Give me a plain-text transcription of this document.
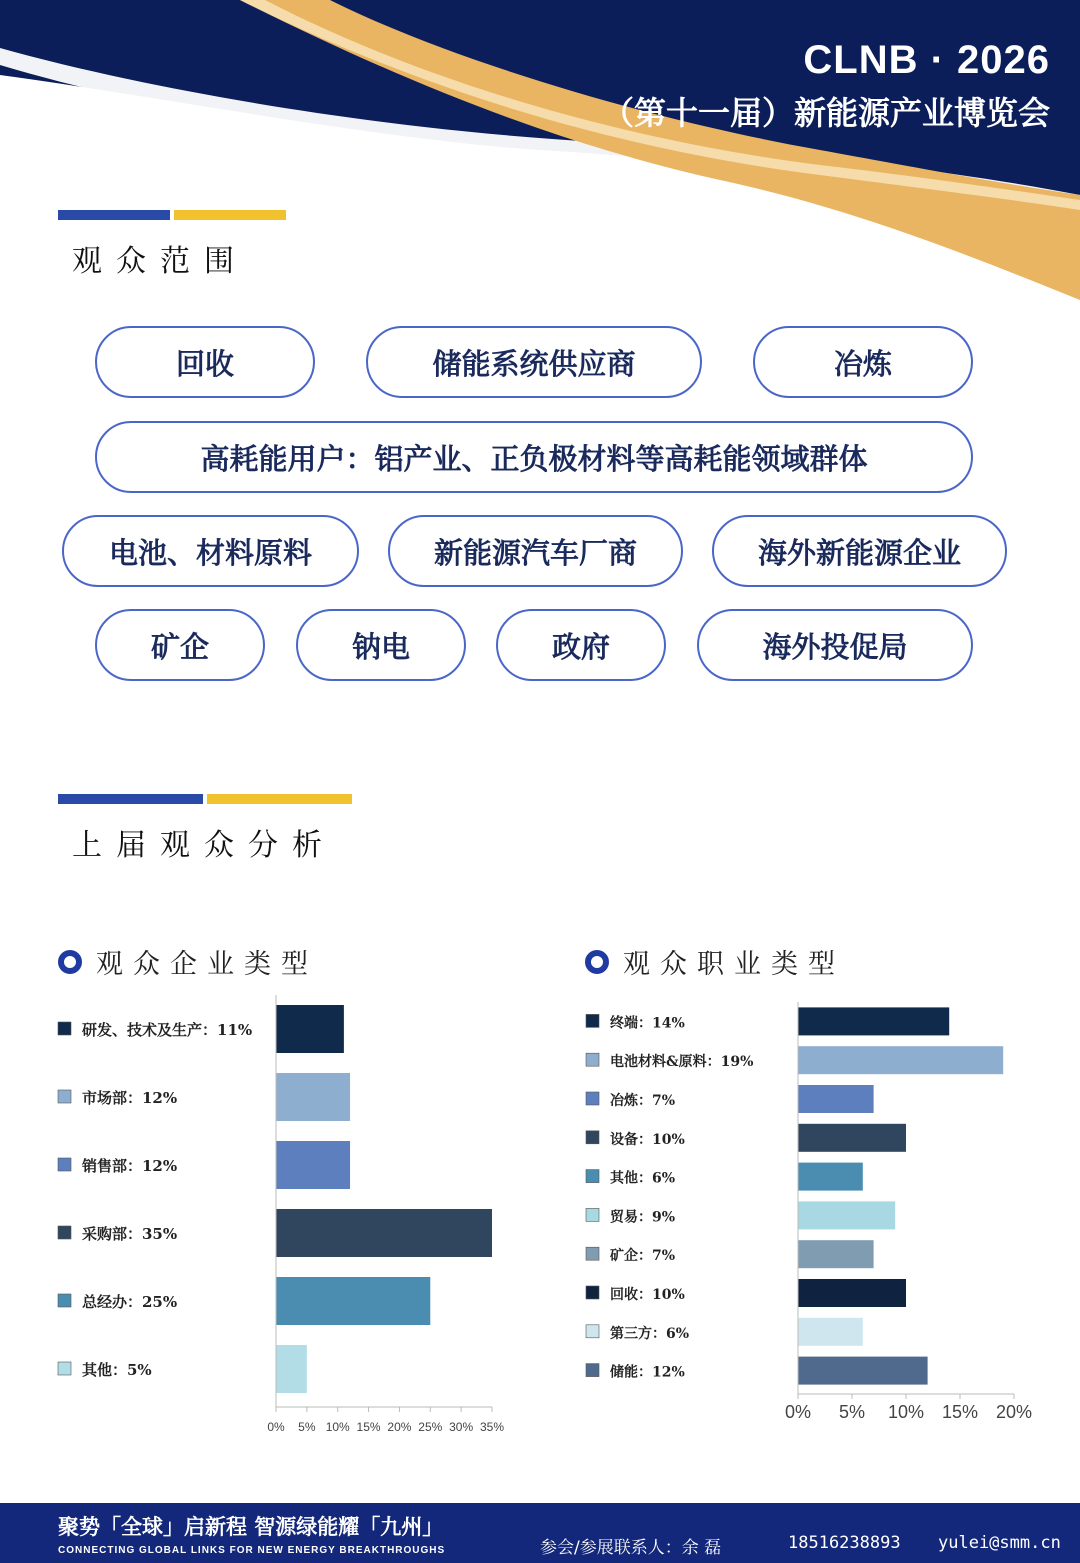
CLNB · 2026
（第十一届）新能源产业博览会
观众范围
回收	储能系统供应商	冶炼
高耗能用户：铝产业、正负极材料等高耗能领域群体
电池、材料原料	新能源汽车厂商	海外新能源企业
矿企	钠电	政府	海外投促局
上届观众分析
观众企业类型	观众职业类型
研发、技术及生产：11%
市场部：12%
销售部：12%
采购部：35%
总经办：25%
其他：5%
0% 5% 10% 15% 20% 25% 30% 35%
终端：14%
电池材料&原料：19%
冶炼：7%
设备：10%
其他：6%
贸易：9%
矿企：7%
回收：10%
第三方：6%
储能：12%
0% 5% 10% 15% 20%
聚势「全球」启新程 智源绿能耀「九州」
CONNECTING GLOBAL LINKS FOR NEW ENERGY BREAKTHROUGHS	参会/参展联系人：余 磊	18516238893 yulei@smm.cn
